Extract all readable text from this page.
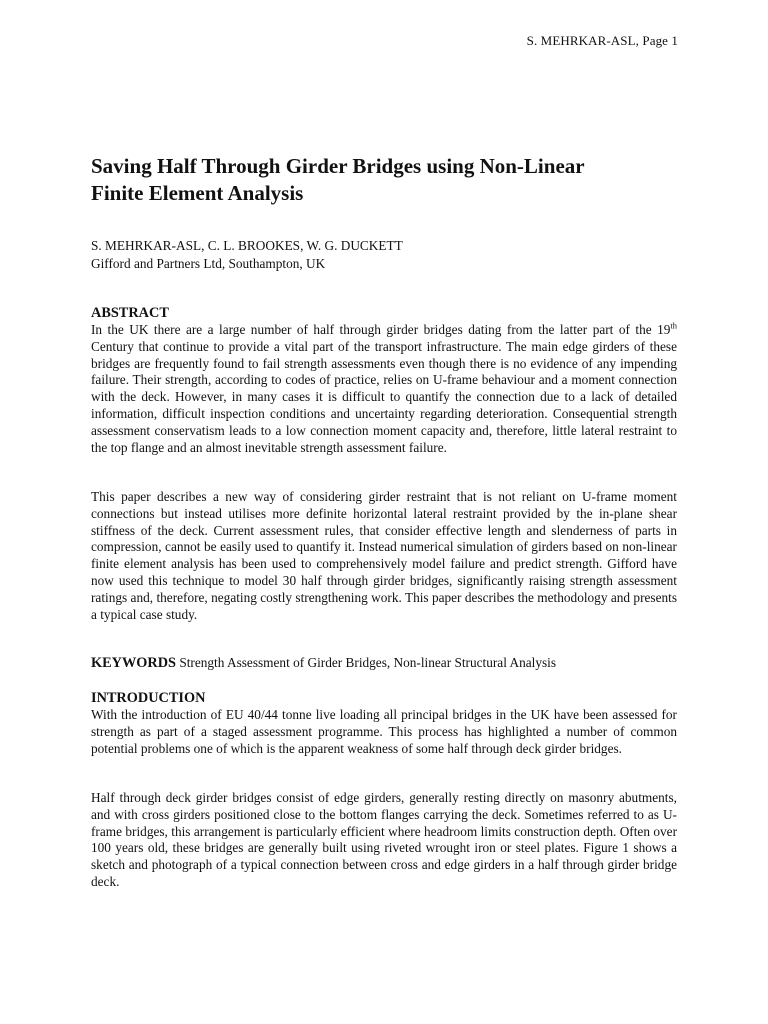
S. MEHRKAR-ASL, Page 1
Saving Half Through Girder Bridges using Non-Linear
Finite Element Analysis
S. MEHRKAR-ASL, C. L. BROOKES, W. G. DUCKETT
Gifford and Partners Ltd, Southampton, UK
ABSTRACT

In the UK there are a large number of half through girder bridges dating from the latter part of the 19th Century that continue to provide a vital part of the transport infrastructure. The main edge girders of these bridges are frequently found to fail strength assessments even though there is no evidence of any impending failure. Their strength, according to codes of practice, relies on U-frame behaviour and a moment connection with the deck. However, in many cases it is difficult to quantify the connection due to a lack of detailed information, difficult inspection conditions and uncertainty regarding deterioration. Consequential strength assessment conservatism leads to a low connection moment capacity and, therefore, little lateral restraint to the top flange and an almost inevitable strength assessment failure.

This paper describes a new way of considering girder restraint that is not reliant on U-frame moment connections but instead utilises more definite horizontal lateral restraint provided by the in-plane shear stiffness of the deck. Current assessment rules, that consider effective length and slenderness of parts in compression, cannot be easily used to quantify it. Instead numerical simulation of girders based on non-linear finite element analysis has been used to comprehensively model failure and predict strength. Gifford have now used this technique to model 30 half through girder bridges, significantly raising strength assessment ratings and, therefore, negating costly strengthening work. This paper describes the methodology and presents a typical case study.

KEYWORDS Strength Assessment of Girder Bridges, Non-linear Structural Analysis
INTRODUCTION

With the introduction of EU 40/44 tonne live loading all principal bridges in the UK have been assessed for strength as part of a staged assessment programme. This process has highlighted a number of common potential problems one of which is the apparent weakness of some half through deck girder bridges.

Half through deck girder bridges consist of edge girders, generally resting directly on masonry abutments, and with cross girders positioned close to the bottom flanges carrying the deck. Sometimes referred to as U-frame bridges, this arrangement is particularly efficient where headroom limits construction depth. Often over 100 years old, these bridges are generally built using riveted wrought iron or steel plates. Figure 1 shows a sketch and photograph of a typical connection between cross and edge girders in a half through girder bridge deck.
